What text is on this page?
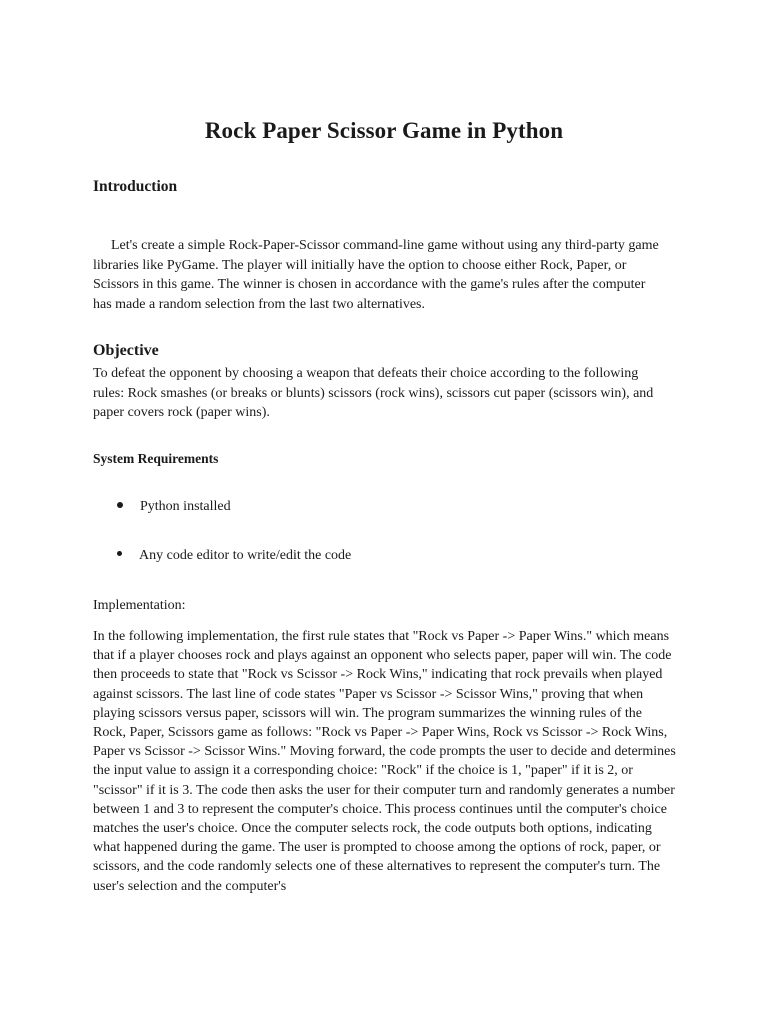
Rock Paper Scissor Game in Python
Introduction
Let's create a simple Rock-Paper-Scissor command-line game without using any third-party game libraries like PyGame. The player will initially have the option to choose either Rock, Paper, or Scissors in this game. The winner is chosen in accordance with the game's rules after the computer has made a random selection from the last two alternatives.
Objective
To defeat the opponent by choosing a weapon that defeats their choice according to the following rules: Rock smashes (or breaks or blunts) scissors (rock wins), scissors cut paper (scissors win), and paper covers rock (paper wins).
System Requirements
Python installed
Any code editor to write/edit the code
Implementation:
In the following implementation, the first rule states that "Rock vs Paper -> Paper Wins." which means that if a player chooses rock and plays against an opponent who selects paper, paper will win. The code then proceeds to state that "Rock vs Scissor -> Rock Wins," indicating that rock prevails when played against scissors. The last line of code states "Paper vs Scissor -> Scissor Wins," proving that when playing scissors versus paper, scissors will win. The program summarizes the winning rules of the Rock, Paper, Scissors game as follows: "Rock vs Paper -> Paper Wins, Rock vs Scissor -> Rock Wins, Paper vs Scissor -> Scissor Wins." Moving forward, the code prompts the user to decide and determines the input value to assign it a corresponding choice: "Rock" if the choice is 1, "paper" if it is 2, or "scissor" if it is 3. The code then asks the user for their computer turn and randomly generates a number between 1 and 3 to represent the computer's choice. This process continues until the computer's choice matches the user's choice. Once the computer selects rock, the code outputs both options, indicating what happened during the game. The user is prompted to choose among the options of rock, paper, or scissors, and the code randomly selects one of these alternatives to represent the computer's turn. The user's selection and the computer's
